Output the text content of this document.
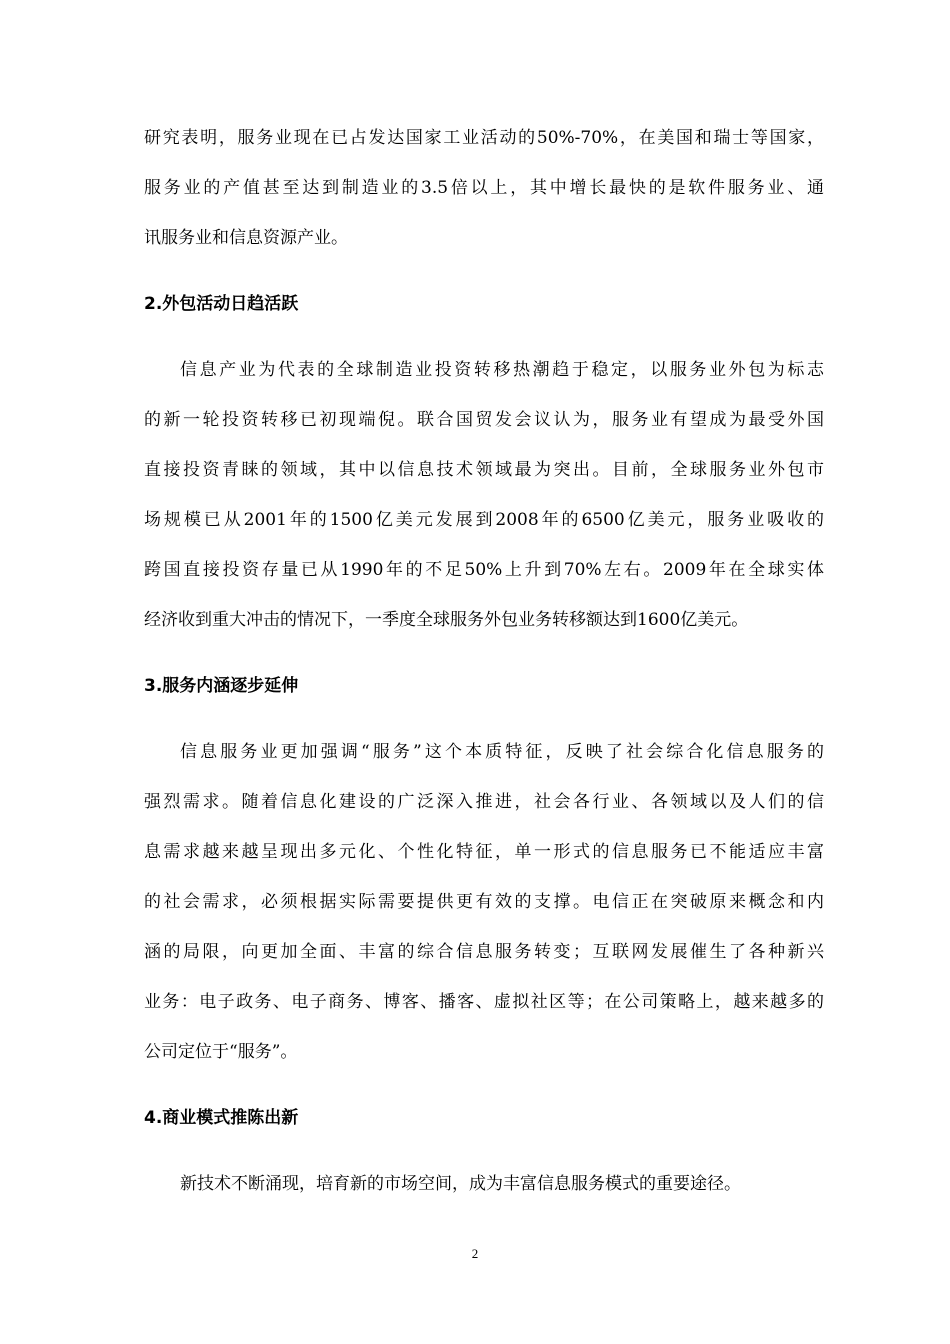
研究表明，服务业现在已占发达国家工业活动的50%-70%，在美国和瑞士等国家，
服务业的产值甚至达到制造业的3.5倍以上，其中增长最快的是软件服务业、通
讯服务业和信息资源产业。
2.外包活动日趋活跃
信息产业为代表的全球制造业投资转移热潮趋于稳定，以服务业外包为标志
的新一轮投资转移已初现端倪。联合国贸发会议认为，服务业有望成为最受外国
直接投资青睐的领域，其中以信息技术领域最为突出。目前，全球服务业外包市
场规模已从2001年的1500亿美元发展到2008年的6500亿美元，服务业吸收的
跨国直接投资存量已从1990年的不足50%上升到70%左右。2009年在全球实体
经济收到重大冲击的情况下，一季度全球服务外包业务转移额达到1600亿美元。
3.服务内涵逐步延伸
信息服务业更加强调“服务”这个本质特征，反映了社会综合化信息服务的
强烈需求。随着信息化建设的广泛深入推进，社会各行业、各领域以及人们的信
息需求越来越呈现出多元化、个性化特征，单一形式的信息服务已不能适应丰富
的社会需求，必须根据实际需要提供更有效的支撑。电信正在突破原来概念和内
涵的局限，向更加全面、丰富的综合信息服务转变；互联网发展催生了各种新兴
业务：电子政务、电子商务、博客、播客、虚拟社区等；在公司策略上，越来越多的
公司定位于“服务”。
4.商业模式推陈出新
新技术不断涌现，培育新的市场空间，成为丰富信息服务模式的重要途径。
2
